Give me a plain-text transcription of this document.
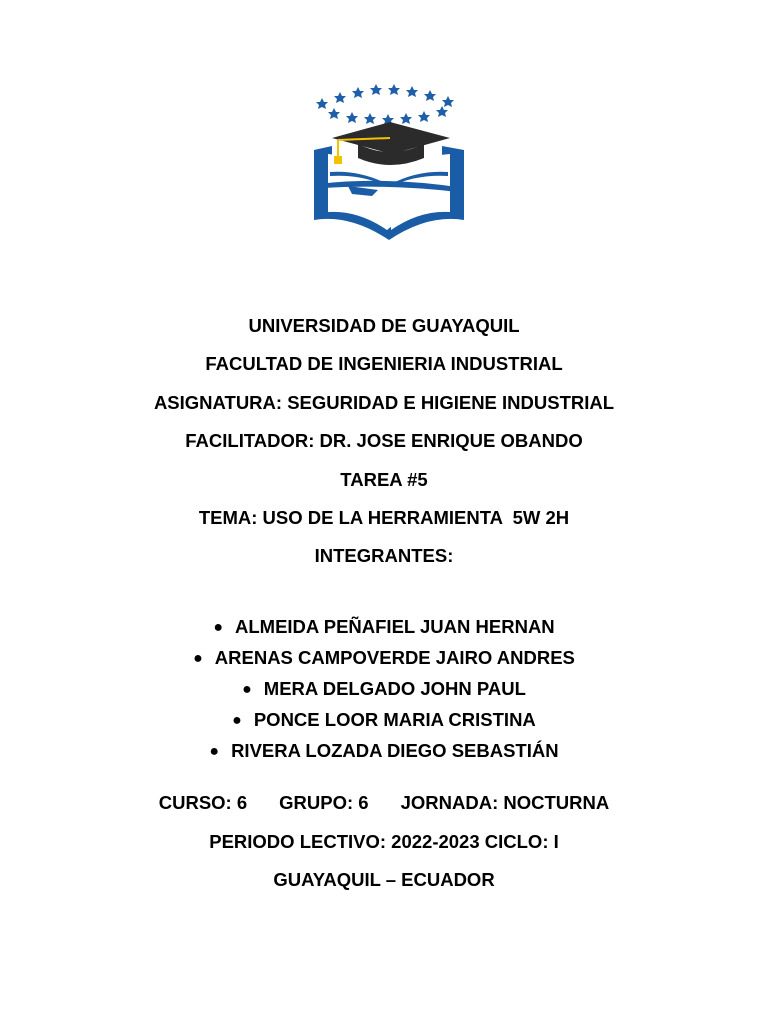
UNIVERSIDAD DE GUAYAQUIL
FACULTAD DE INGENIERIA INDUSTRIAL
ASIGNATURA: SEGURIDAD E HIGIENE INDUSTRIAL
FACILITADOR: DR. JOSE ENRIQUE OBANDO
TAREA #5
TEMA: USO DE LA HERRAMIENTA  5W 2H
INTEGRANTES:
● ALMEIDA PEÑAFIEL JUAN HERNAN
● ARENAS CAMPOVERDE JAIRO ANDRES
● MERA DELGADO JOHN PAUL
● PONCE LOOR MARIA CRISTINA
● RIVERA LOZADA DIEGO SEBASTIÁN
CURSO: 6 GRUPO: 6 JORNADA: NOCTURNA
PERIODO LECTIVO: 2022-2023 CICLO: I
GUAYAQUIL – ECUADOR
